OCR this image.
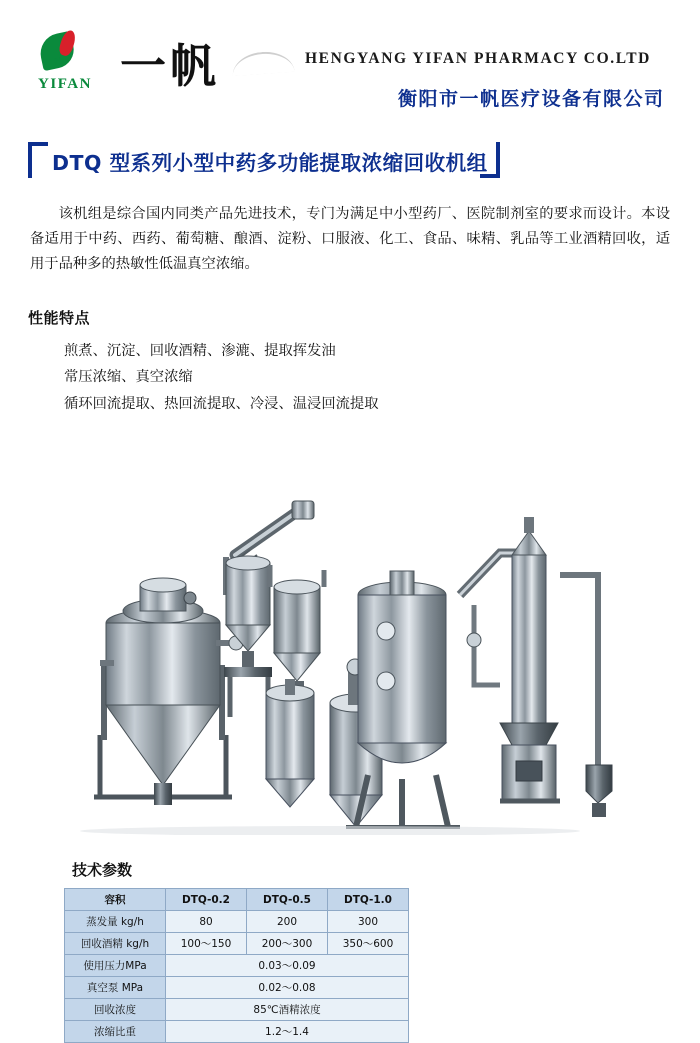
一帆
YIFAN 一帆	HENGYANG YIFAN PHARMACY CO.LTD
衡阳市一帆医疗设备有限公司
DTQ 型系列小型中药多功能提取浓缩回收机组

该机组是综合国内同类产品先进技术，专门为满足中小型药厂、医院制剂室的要求而设计。本设备适用于中药、西药、葡萄糖、酿酒、淀粉、口服液、化工、食品、味精、乳品等工业酒精回收，适用于品种多的热敏性低温真空浓缩。

性能特点
煎煮、沉淀、回收酒精、渗漉、提取挥发油
常压浓缩、真空浓缩
循环回流提取、热回流提取、冷浸、温浸回流提取
技术参数
容积	DTQ-0.2	DTQ-0.5	DTQ-1.0
蒸发量 kg/h	80	200	300
回收酒精 kg/h	100～150	200～300	350～600
使用压力MPa	0.03～0.09		
真空泵 MPa	0.02～0.08		
回收浓度	85℃酒精浓度		
浓缩比重	1.2～1.4		
